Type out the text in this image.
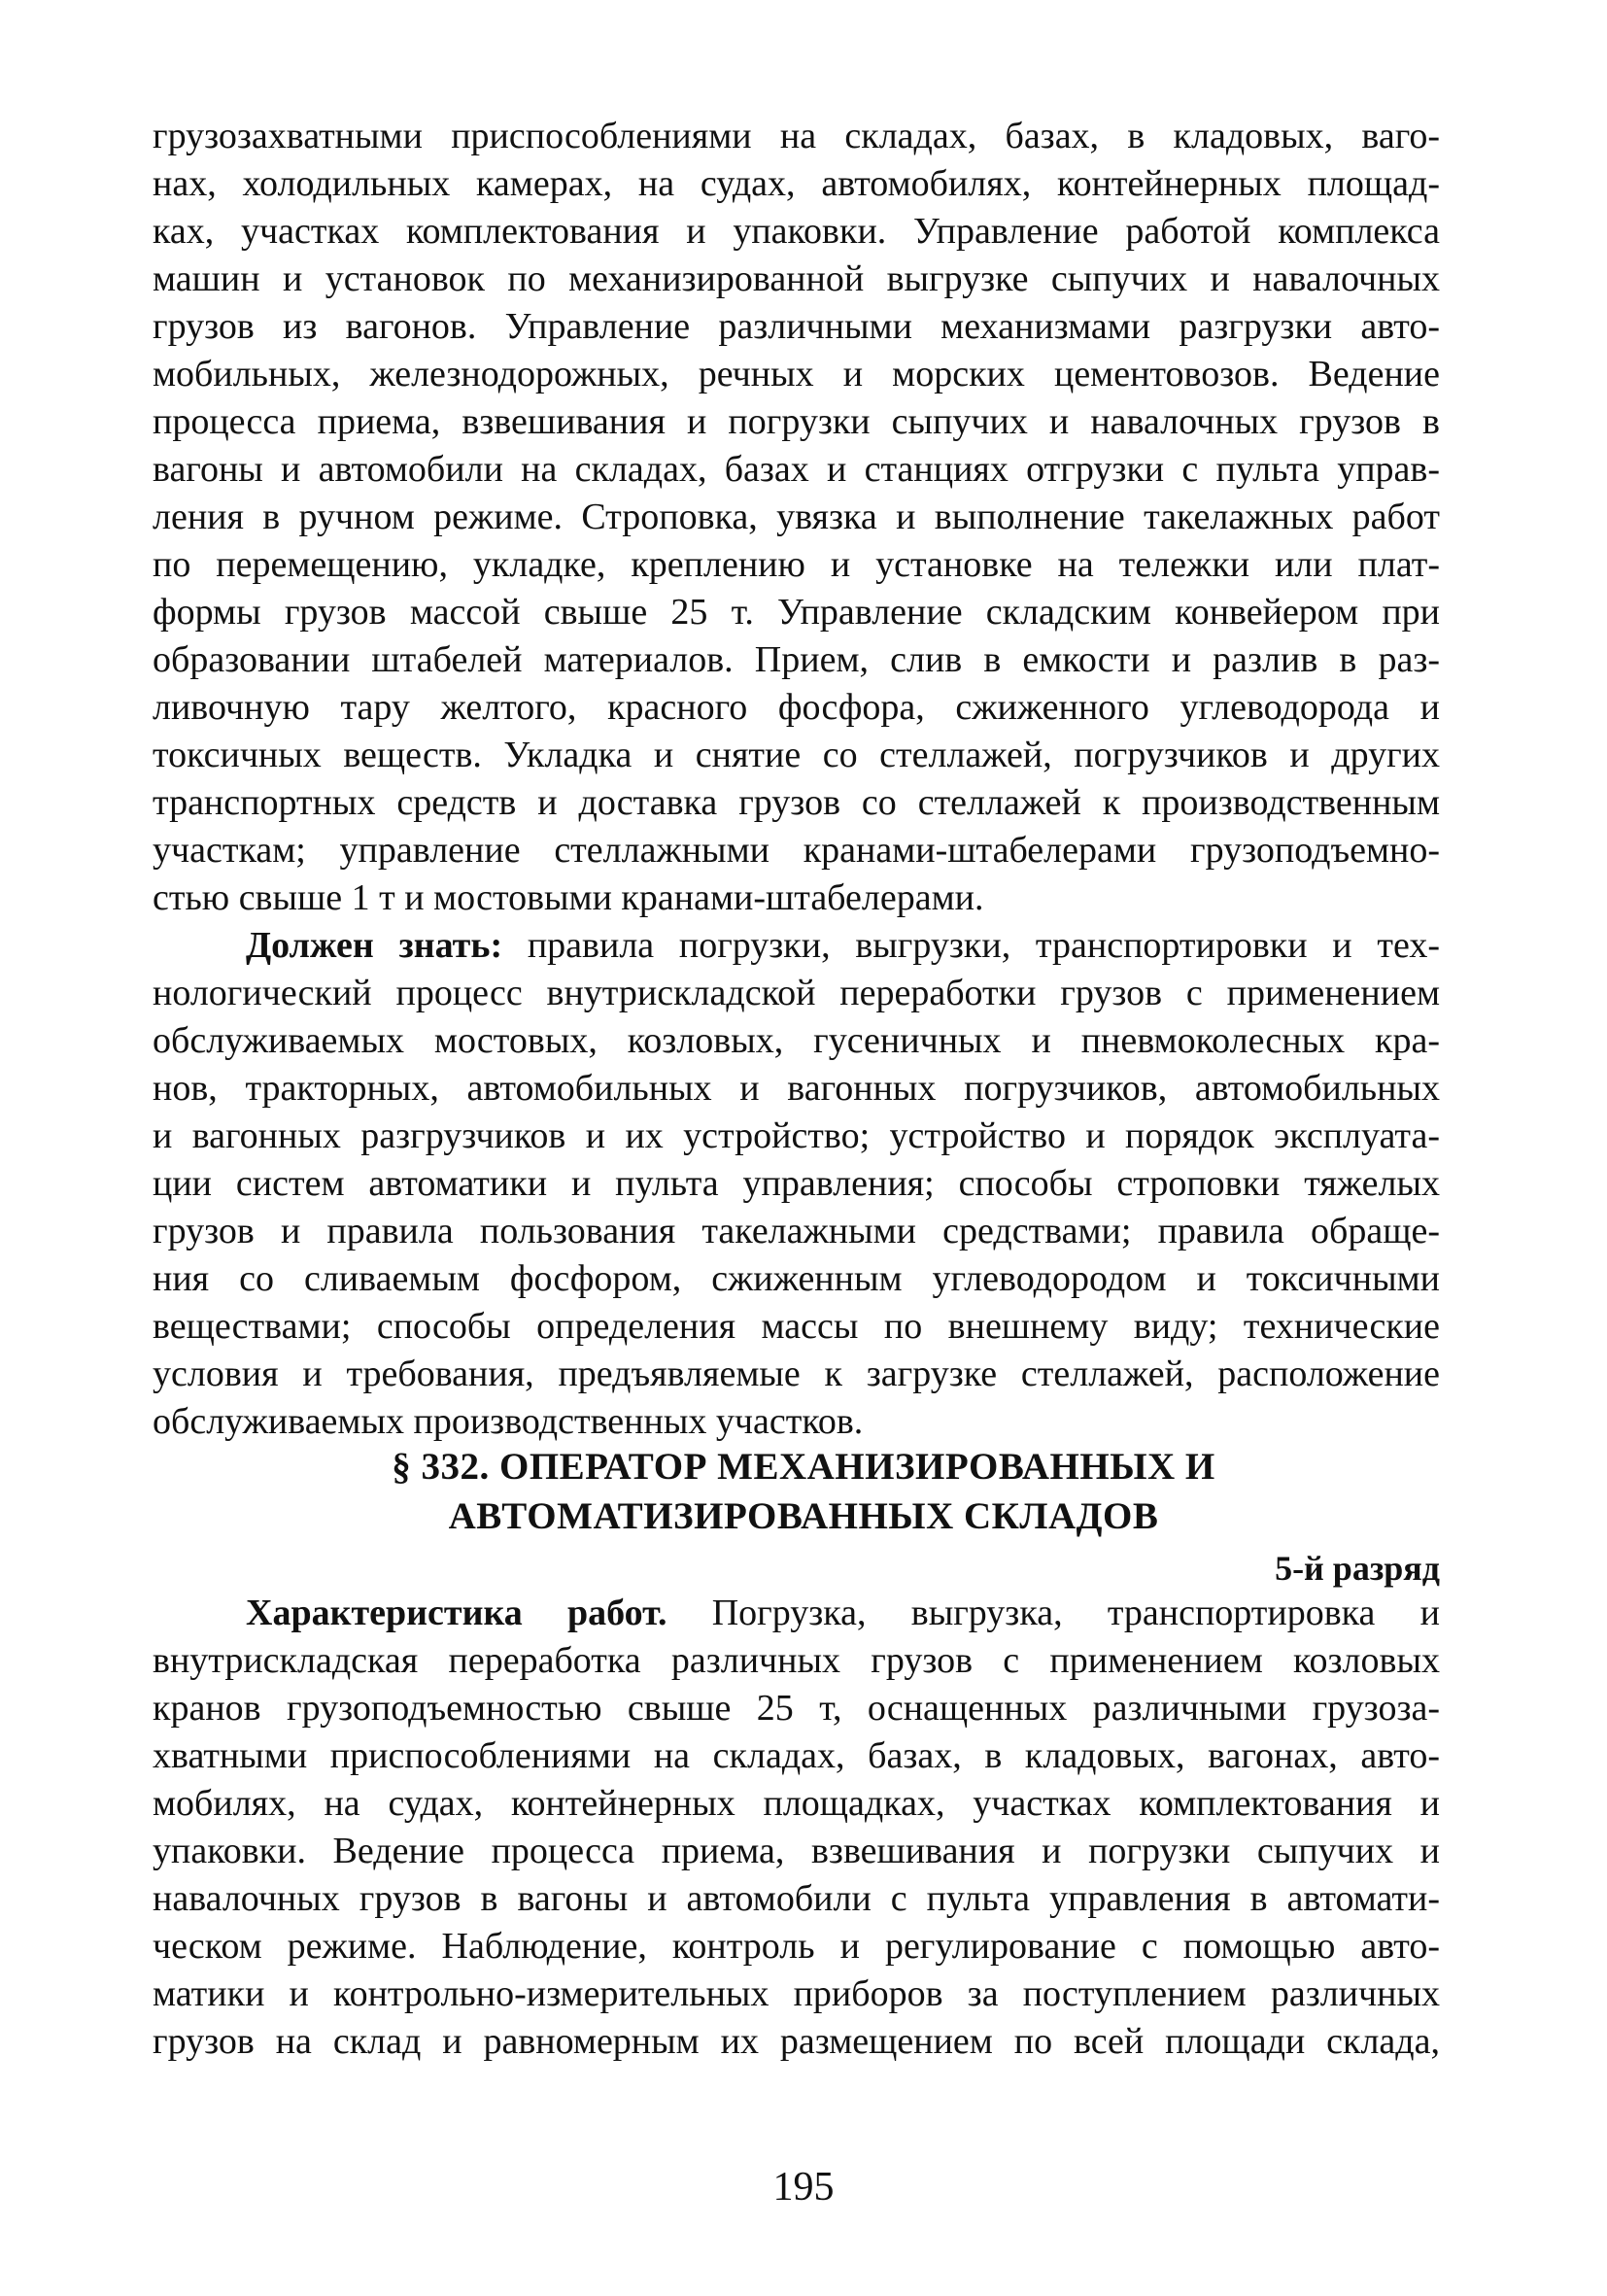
грузозахватными приспособлениями на складах, базах, в кладовых, ваго-
нах, холодильных камерах, на судах, автомобилях, контейнерных площад-
ках, участках комплектования и упаковки. Управление работой комплекса
машин и установок по механизированной выгрузке сыпучих и навалочных
грузов из вагонов. Управление различными механизмами разгрузки авто-
мобильных, железнодорожных, речных и морских цементовозов. Ведение
процесса приема, взвешивания и погрузки сыпучих и навалочных грузов в
вагоны и автомобили на складах, базах и станциях отгрузки с пульта управ-
ления в ручном режиме. Строповка, увязка и выполнение такелажных работ
по перемещению, укладке, креплению и установке на тележки или плат-
формы грузов массой свыше 25 т. Управление складским конвейером при
образовании штабелей материалов. Прием, слив в емкости и разлив в раз-
ливочную тару желтого, красного фосфора, сжиженного углеводорода и
токсичных веществ. Укладка и снятие со стеллажей, погрузчиков и других
транспортных средств и доставка грузов со стеллажей к производственным
участкам; управление стеллажными кранами-штабелерами грузоподъемно-
стью свыше 1 т и мостовыми кранами-штабелерами.
Должен знать: правила погрузки, выгрузки, транспортировки и тех-
нологический процесс внутрискладской переработки грузов с применением
обслуживаемых мостовых, козловых, гусеничных и пневмоколесных кра-
нов, тракторных, автомобильных и вагонных погрузчиков, автомобильных
и вагонных разгрузчиков и их устройство; устройство и порядок эксплуата-
ции систем автоматики и пульта управления; способы строповки тяжелых
грузов и правила пользования такелажными средствами; правила обраще-
ния со сливаемым фосфором, сжиженным углеводородом и токсичными
веществами; способы определения массы по внешнему виду; технические
условия и требования, предъявляемые к загрузке стеллажей, расположение
обслуживаемых производственных участков.
§ 332. ОПЕРАТОР МЕХАНИЗИРОВАННЫХ И
АВТОМАТИЗИРОВАННЫХ СКЛАДОВ
5-й разряд
Характеристика работ. Погрузка, выгрузка, транспортировка и
внутрискладская переработка различных грузов с применением козловых
кранов грузоподъемностью свыше 25 т, оснащенных различными грузоза-
хватными приспособлениями на складах, базах, в кладовых, вагонах, авто-
мобилях, на судах, контейнерных площадках, участках комплектования и
упаковки. Ведение процесса приема, взвешивания и погрузки сыпучих и
навалочных грузов в вагоны и автомобили с пульта управления в автомати-
ческом режиме. Наблюдение, контроль и регулирование с помощью авто-
матики и контрольно-измерительных приборов за поступлением различных
грузов на склад и равномерным их размещением по всей площади склада,
195
